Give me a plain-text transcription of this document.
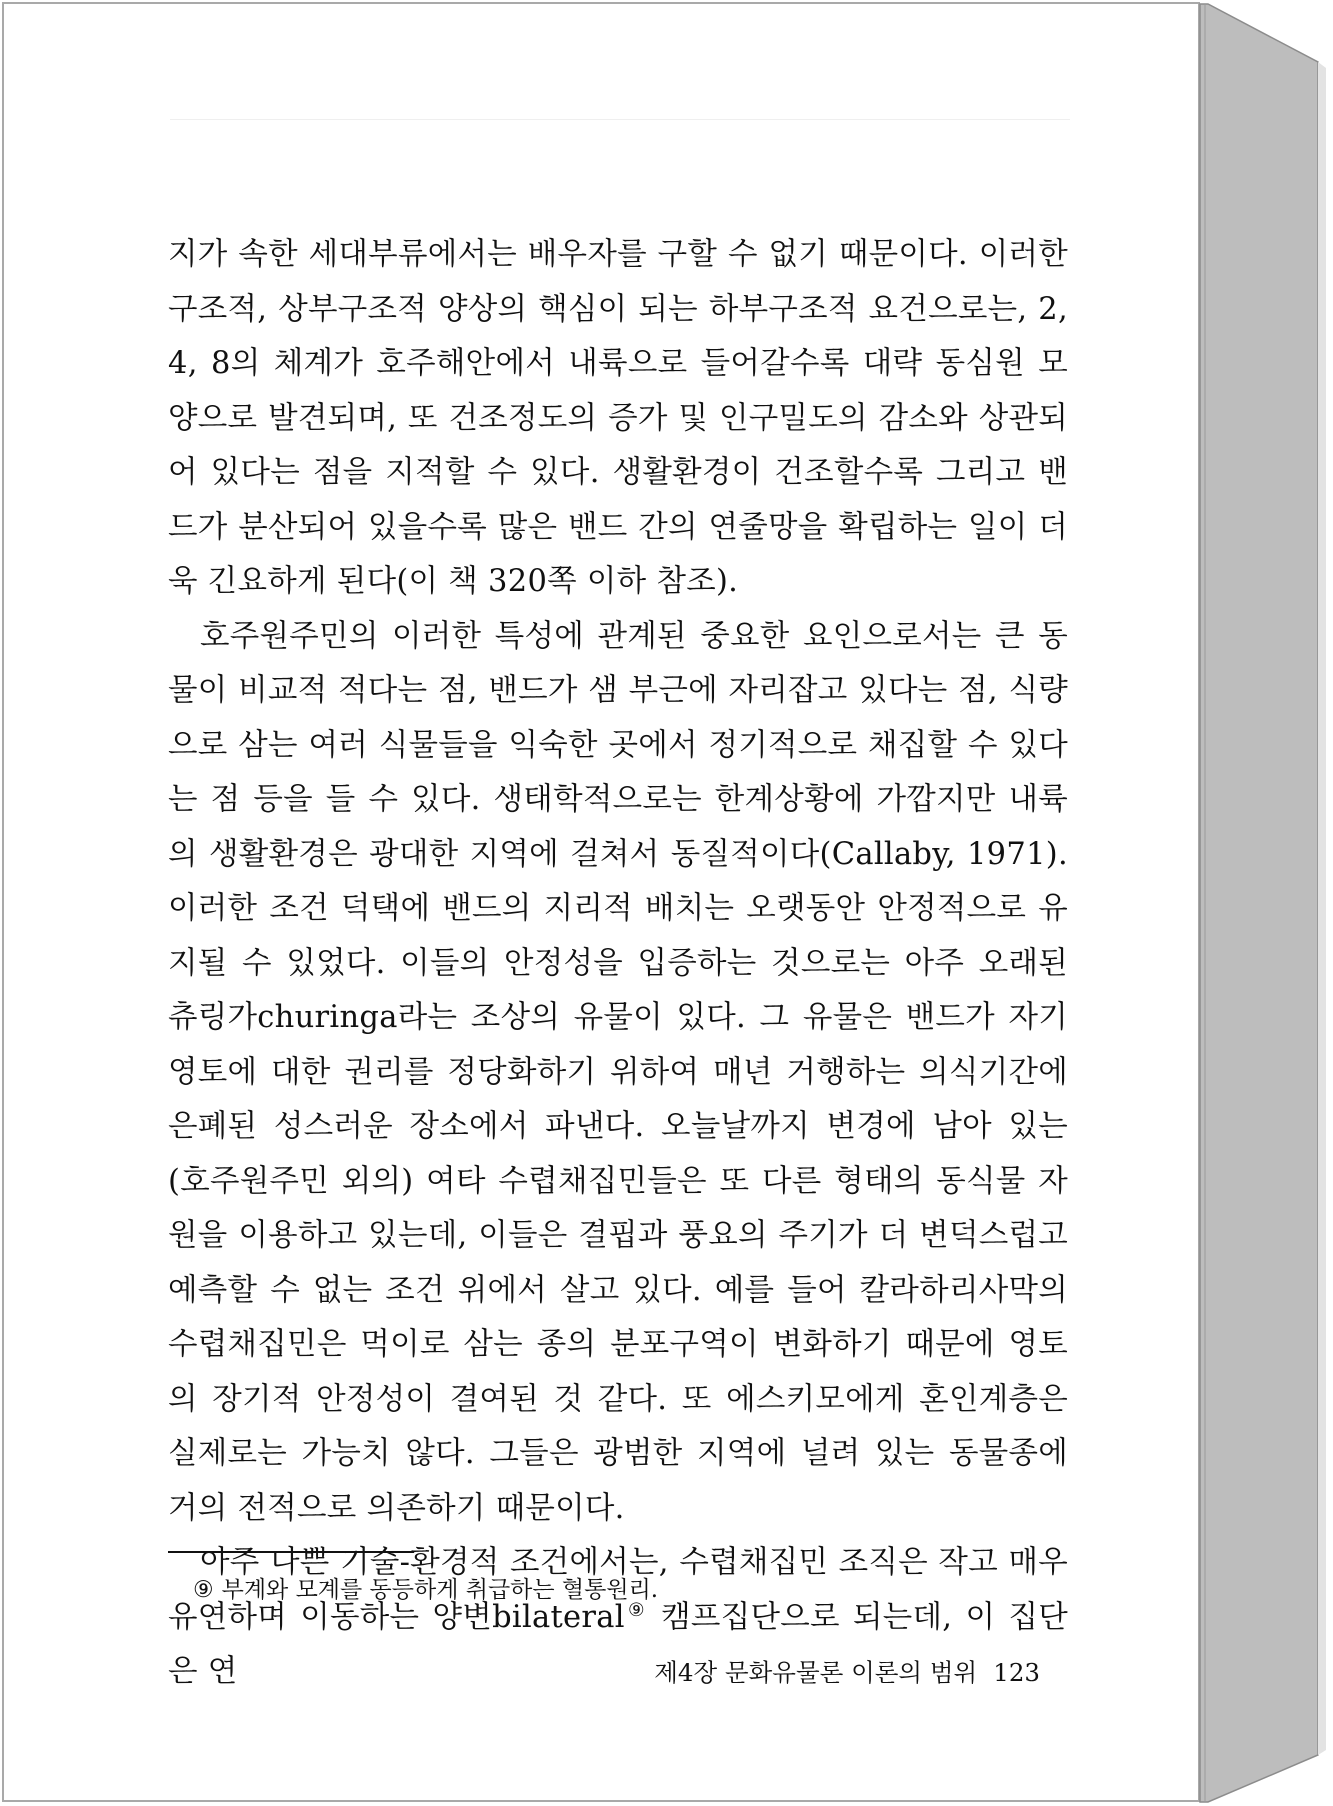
지가 속한 세대부류에서는 배우자를 구할 수 없기 때문이다. 이러한 구조적, 상부구조적 양상의 핵심이 되는 하부구조적 요건으로는, 2, 4, 8의 체계가 호주해안에서 내륙으로 들어갈수록 대략 동심원 모양으로 발견되며, 또 건조정도의 증가 및 인구밀도의 감소와 상관되어 있다는 점을 지적할 수 있다. 생활환경이 건조할수록 그리고 밴드가 분산되어 있을수록 많은 밴드 간의 연줄망을 확립하는 일이 더욱 긴요하게 된다(이 책 320쪽 이하 참조).

호주원주민의 이러한 특성에 관계된 중요한 요인으로서는 큰 동물이 비교적 적다는 점, 밴드가 샘 부근에 자리잡고 있다는 점, 식량으로 삼는 여러 식물들을 익숙한 곳에서 정기적으로 채집할 수 있다는 점 등을 들 수 있다. 생태학적으로는 한계상황에 가깝지만 내륙의 생활환경은 광대한 지역에 걸쳐서 동질적이다(Callaby, 1971). 이러한 조건 덕택에 밴드의 지리적 배치는 오랫동안 안정적으로 유지될 수 있었다. 이들의 안정성을 입증하는 것으로는 아주 오래된 츄링가churinga라는 조상의 유물이 있다. 그 유물은 밴드가 자기영토에 대한 권리를 정당화하기 위하여 매년 거행하는 의식기간에 은폐된 성스러운 장소에서 파낸다. 오늘날까지 변경에 남아 있는 (호주원주민 외의) 여타 수렵채집민들은 또 다른 형태의 동식물 자원을 이용하고 있는데, 이들은 결핍과 풍요의 주기가 더 변덕스럽고 예측할 수 없는 조건 위에서 살고 있다. 예를 들어 칼라하리사막의 수렵채집민은 먹이로 삼는 종의 분포구역이 변화하기 때문에 영토의 장기적 안정성이 결여된 것 같다. 또 에스키모에게 혼인계층은 실제로는 가능치 않다. 그들은 광범한 지역에 널려 있는 동물종에 거의 전적으로 의존하기 때문이다.

아주 나쁜 기술-환경적 조건에서는, 수렵채집민 조직은 작고 매우 유연하며 이동하는 양변bilateral⑨ 캠프집단으로 되는데, 이 집단은 연

⑨ 부계와 모계를 동등하게 취급하는 혈통원리.
제4장 문화유물론 이론의 범위 123
